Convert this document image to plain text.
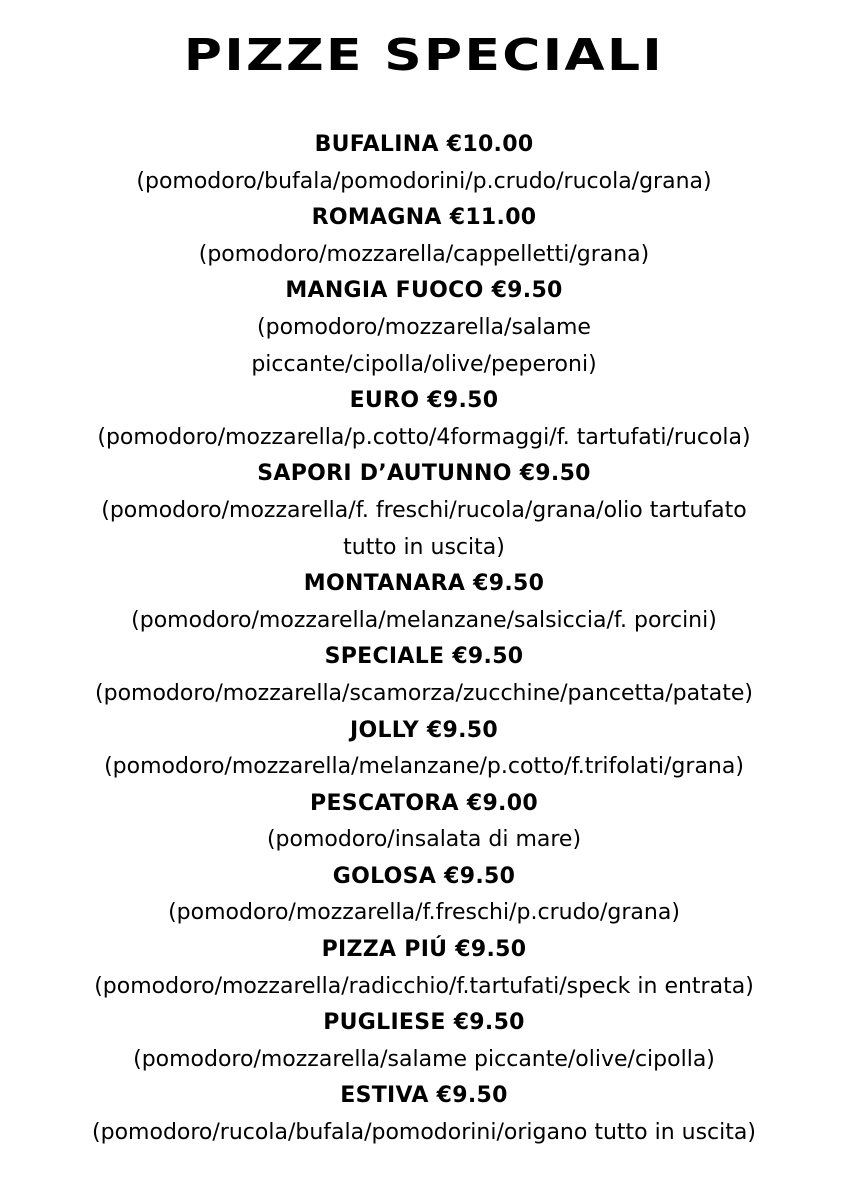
PIZZE SPECIALI
BUFALINA €10.00
(pomodoro/bufala/pomodorini/p.crudo/rucola/grana)
ROMAGNA €11.00
(pomodoro/mozzarella/cappelletti/grana)
MANGIA FUOCO €9.50
(pomodoro/mozzarella/salame
piccante/cipolla/olive/peperoni)
EURO €9.50
(pomodoro/mozzarella/p.cotto/4formaggi/f. tartufati/rucola)
SAPORI D’AUTUNNO €9.50
(pomodoro/mozzarella/f. freschi/rucola/grana/olio tartufato
tutto in uscita)
MONTANARA €9.50
(pomodoro/mozzarella/melanzane/salsiccia/f. porcini)
SPECIALE €9.50
(pomodoro/mozzarella/scamorza/zucchine/pancetta/patate)
JOLLY €9.50
(pomodoro/mozzarella/melanzane/p.cotto/f.trifolati/grana)
PESCATORA €9.00
(pomodoro/insalata di mare)
GOLOSA €9.50
(pomodoro/mozzarella/f.freschi/p.crudo/grana)
PIZZA PIÚ €9.50
(pomodoro/mozzarella/radicchio/f.tartufati/speck in entrata)
PUGLIESE €9.50
(pomodoro/mozzarella/salame piccante/olive/cipolla)
ESTIVA €9.50
(pomodoro/rucola/bufala/pomodorini/origano tutto in uscita)
